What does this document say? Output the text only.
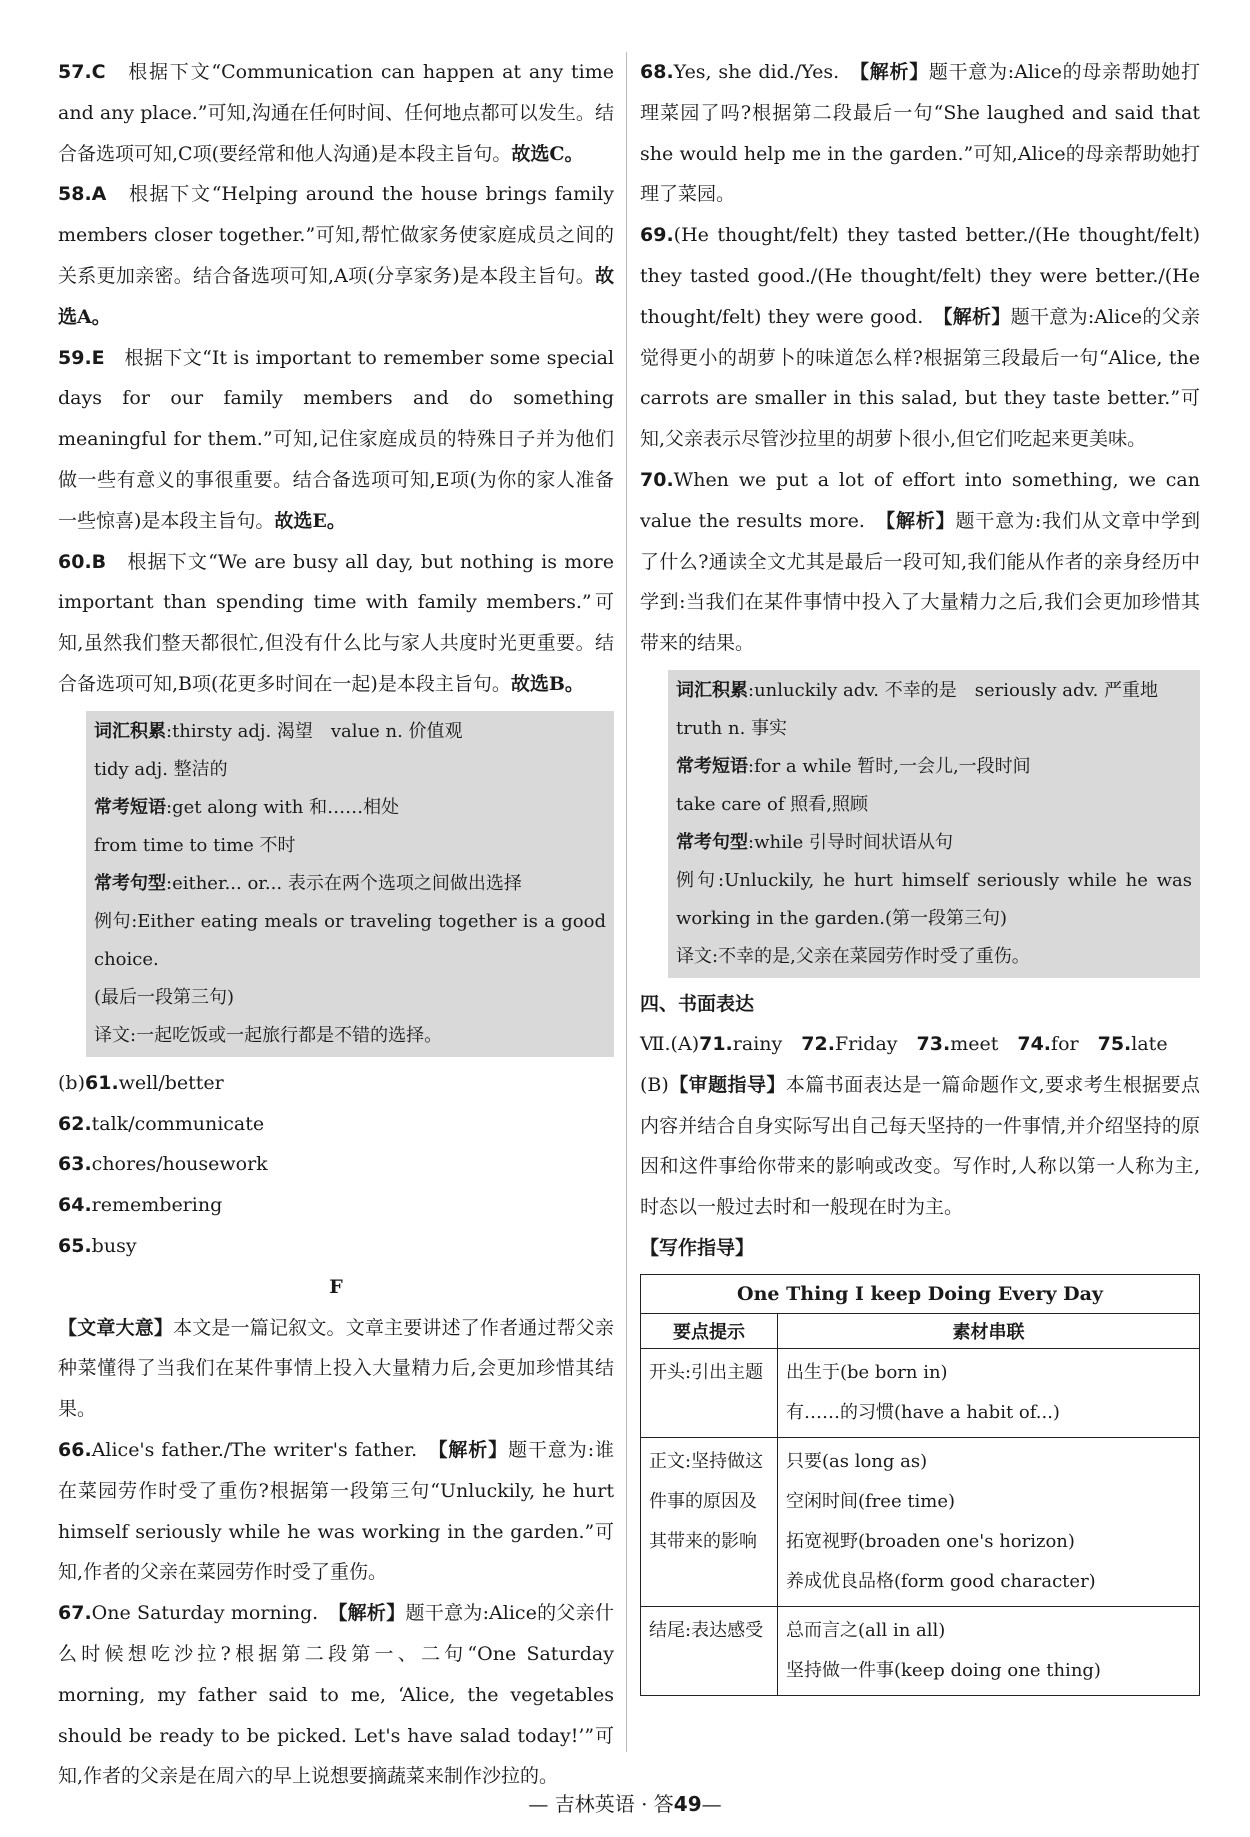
57.C　 根据下文“Communication can happen at any time and any place.”可知,沟通在任何时间、任何地点都可以发生。结合备选项可知,C项(要经常和他人沟通)是本段主旨句。故选C。

58.A　 根据下文“Helping around the house brings family members closer together.”可知,帮忙做家务使家庭成员之间的关系更加亲密。结合备选项可知,A项(分享家务)是本段主旨句。故选A。

59.E　 根据下文“It is important to remember some special days for our family members and do something meaningful for them.”可知,记住家庭成员的特殊日子并为他们做一些有意义的事很重要。结合备选项可知,E项(为你的家人准备一些惊喜)是本段主旨句。故选E。

60.B　 根据下文“We are busy all day, but nothing is more important than spending time with family members.”可知,虽然我们整天都很忙,但没有什么比与家人共度时光更重要。结合备选项可知,B项(花更多时间在一起)是本段主旨句。故选B。

词汇积累:thirsty adj. 渴望　value n. 价值观

tidy adj. 整洁的

常考短语:get along with 和……相处

from time to time 不时

常考句型:either... or... 表示在两个选项之间做出选择

例句:Either eating meals or traveling together is a good choice.

(最后一段第三句)

译文:一起吃饭或一起旅行都是不错的选择。

(b)61.well/better

62.talk/communicate

63.chores/housework

64.remembering

65.busy

F

【文章大意】本文是一篇记叙文。文章主要讲述了作者通过帮父亲种菜懂得了当我们在某件事情上投入大量精力后,会更加珍惜其结果。

66.Alice's father./The writer's father.　 【解析】题干意为:谁在菜园劳作时受了重伤?根据第一段第三句“Unluckily, he hurt himself seriously while he was working in the garden.”可知,作者的父亲在菜园劳作时受了重伤。

67.One Saturday morning.　 【解析】题干意为:Alice的父亲什么时候想吃沙拉?根据第二段第一、二句“One Saturday morning, my father said to me, ‘Alice, the vegetables should be ready to be picked. Let's have salad today!’”可知,作者的父亲是在周六的早上说想要摘蔬菜来制作沙拉的。

68.Yes, she did./Yes.　 【解析】题干意为:Alice的母亲帮助她打理菜园了吗?根据第二段最后一句“She laughed and said that she would help me in the garden.”可知,Alice的母亲帮助她打理了菜园。

69.(He thought/felt) they tasted better./(He thought/felt) they tasted good./(He thought/felt) they were better./(He thought/felt) they were good.　 【解析】题干意为:Alice的父亲觉得更小的胡萝卜的味道怎么样?根据第三段最后一句“Alice, the carrots are smaller in this salad, but they taste better.”可知,父亲表示尽管沙拉里的胡萝卜很小,但它们吃起来更美味。

70.When we put a lot of effort into something, we can value the results more.　 【解析】题干意为:我们从文章中学到了什么?通读全文尤其是最后一段可知,我们能从作者的亲身经历中学到:当我们在某件事情中投入了大量精力之后,我们会更加珍惜其带来的结果。

词汇积累:unluckily adv. 不幸的是　seriously adv. 严重地

truth n. 事实

常考短语:for a while 暂时,一会儿,一段时间

take care of 照看,照顾

常考句型:while 引导时间状语从句

例句:Unluckily, he hurt himself seriously while he was working in the garden.(第一段第三句)

译文:不幸的是,父亲在菜园劳作时受了重伤。

四、书面表达

Ⅶ.(A)71.rainy　 72.Friday　 73.meet　 74.for　 75.late

(B)【审题指导】本篇书面表达是一篇命题作文,要求考生根据要点内容并结合自身实际写出自己每天坚持的一件事情,并介绍坚持的原因和这件事给你带来的影响或改变。写作时,人称以第一人称为主,时态以一般过去时和一般现在时为主。

【写作指导】

One Thing I keep Doing Every Day	
要点提示	素材串联
开头:引出主题	出生于(be born in)
有……的习惯(have a habit of...)

正文:坚持做这件事的原因及其带来的影响	只要(as long as)
空闲时间(free time)
拓宽视野(broaden one's horizon)
养成优良品格(form good character)

结尾:表达感受	总而言之(all in all)
坚持做一件事(keep doing one thing)
— 吉林英语 · 答49—
